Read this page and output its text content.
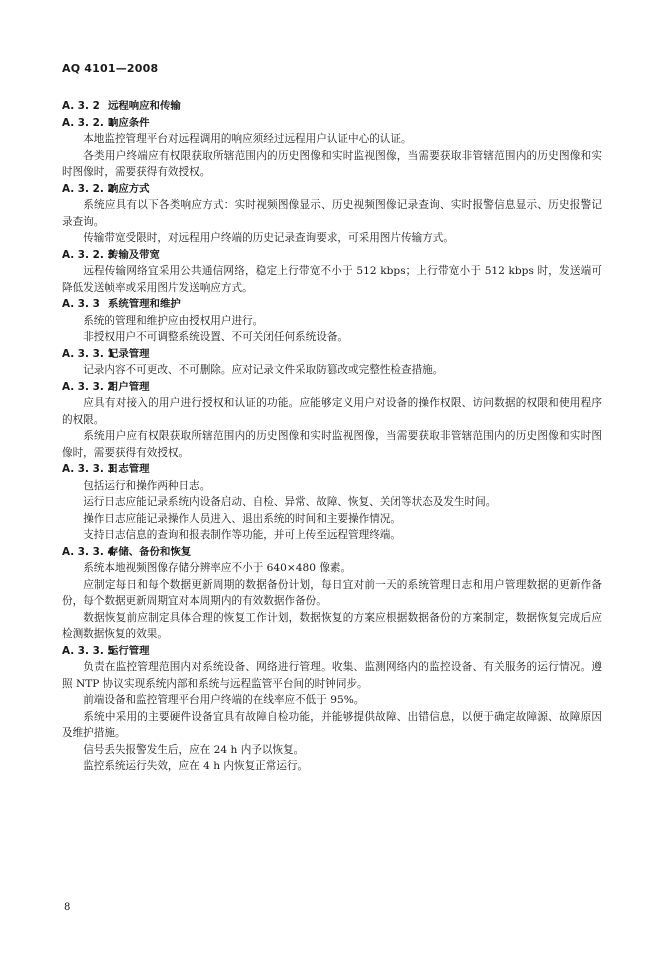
AQ 4101—2008
A. 3. 2 远程响应和传输
A. 3. 2. 1响应条件
本地监控管理平台对远程调用的响应须经过远程用户认证中心的认证。
各类用户终端应有权限获取所辖范围内的历史图像和实时监视图像，当需要获取非管辖范围内的历史图像和实时图像时，需要获得有效授权。
A. 3. 2. 2响应方式
系统应具有以下各类响应方式：实时视频图像显示、历史视频图像记录查询、实时报警信息显示、历史报警记录查询。
传输带宽受限时，对远程用户终端的历史记录查询要求，可采用图片传输方式。
A. 3. 2. 3传输及带宽
远程传输网络宜采用公共通信网络，稳定上行带宽不小于 512 kbps；上行带宽小于 512 kbps 时，发送端可降低发送帧率或采用图片发送响应方式。
A. 3. 3 系统管理和维护
系统的管理和维护应由授权用户进行。
非授权用户不可调整系统设置、不可关闭任何系统设备。
A. 3. 3. 1记录管理
记录内容不可更改、不可删除。应对记录文件采取防篡改或完整性检查措施。
A. 3. 3. 2用户管理
应具有对接入的用户进行授权和认证的功能。应能够定义用户对设备的操作权限、访问数据的权限和使用程序的权限。
系统用户应有权限获取所辖范围内的历史图像和实时监视图像，当需要获取非管辖范围内的历史图像和实时图像时，需要获得有效授权。
A. 3. 3. 3日志管理
包括运行和操作两种日志。
运行日志应能记录系统内设备启动、自检、异常、故障、恢复、关闭等状态及发生时间。
操作日志应能记录操作人员进入、退出系统的时间和主要操作情况。
支持日志信息的查询和报表制作等功能，并可上传至远程管理终端。
A. 3. 3. 4存储、备份和恢复
系统本地视频图像存储分辨率应不小于 640×480 像素。
应制定每日和每个数据更新周期的数据备份计划，每日宜对前一天的系统管理日志和用户管理数据的更新作备份，每个数据更新周期宜对本周期内的有效数据作备份。
数据恢复前应制定具体合理的恢复工作计划，数据恢复的方案应根据数据备份的方案制定，数据恢复完成后应检测数据恢复的效果。
A. 3. 3. 5运行管理
负责在监控管理范围内对系统设备、网络进行管理。收集、监测网络内的监控设备、有关服务的运行情况。遵照 NTP 协议实现系统内部和系统与远程监管平台间的时钟同步。
前端设备和监控管理平台用户终端的在线率应不低于 95%。
系统中采用的主要硬件设备宜具有故障自检功能，并能够提供故障、出错信息，以便于确定故障源、故障原因及维护措施。
信号丢失报警发生后，应在 24 h 内予以恢复。
监控系统运行失效，应在 4 h 内恢复正常运行。
8
